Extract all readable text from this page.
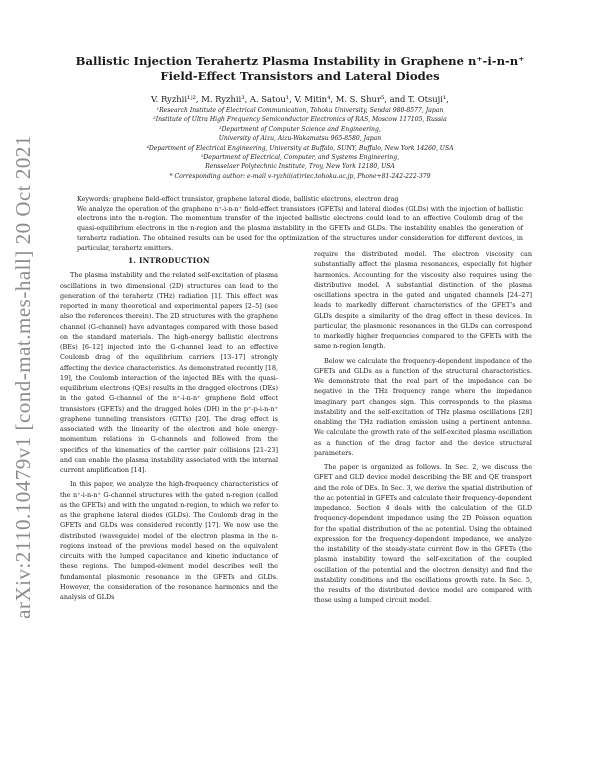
arXiv:2110.10479v1 [cond-mat.mes-hall] 20 Oct 2021
Ballistic Injection Terahertz Plasma Instability in Graphene n⁺-i-n-n⁺ Field-Effect Transistors and Lateral Diodes
V. Ryzhii¹ʲ², M. Ryzhii³, A. Satou¹, V. Mitin⁴, M. S. Shur⁵, and T. Otsuji¹,
¹Research Institute of Electrical Communication, Tohoku University, Sendai 980-8577, Japan
²Institute of Ultra High Frequency Semiconductor Electronics of RAS, Moscow 117105, Russia
³Department of Computer Science and Engineering,
University of Aizu, Aizu-Wakamatsu 965-8580, Japan
⁴Department of Electrical Engineering, University at Buffalo, SUNY, Buffalo, New York 14260, USA
⁵Department of Electrical, Computer, and Systems Engineering,
Rensselaer Polytechnic Institute, Troy, New York 12180, USA
* Corresponding author: e-mail v-ryzhii(at)riec.tohoku.ac.jp, Phone+81-242-222-379

Keywords: graphene field-effect transistor, graphene lateral diode, ballistic electrons, electron drag

We analyze the operation of the graphene n⁺-i-n-n⁺ field-effect transistors (GFETs) and lateral diodes (GLDs) with the injection of ballistic electrons into the n-region. The momentum transfer of the injected ballistic electrons could lead to an effective Coulomb drag of the quasi-equilibrium electrons in the n-region and the plasma instability in the GFETs and GLDs. The instability enables the generation of terahertz radiation. The obtained results can be used for the optimization of the structures under consideration for different devices, in particular, terahertz emitters.

1. INTRODUCTION

The plasma instability and the related self-excitation of plasma oscillations in two dimensional (2D) structures can lead to the generation of the terahertz (THz) radiation [1]. This effect was reported in many theoretical and experimental papers [2–5] (see also the references therein). The 2D structures with the graphene channel (G-channel) have advantages compared with those based on the standard materials. The high-energy ballistic electrons (BEs) [6–12] injected into the G-channel lead to an effective Coulomb drag of the equilibrium carriers [13–17] strongly affecting the device characteristics. As demonstrated recently [18, 19], the Coulomb interaction of the injected BEs with the quasi-equilibrium electrons (QEs) results in the dragged electrons (DEs) in the gated G-channel of the n⁺-i-n-n⁺ graphene field effect transistors (GFETs) and the dragged holes (DH) in the p⁺-p-i-n-n⁺ graphene tunneling transistors (GTTs) [20]. The drag effect is associated with the linearity of the electron and hole energy-momentum relations in G-channels and followed from the specifics of the kinematics of the carrier pair collisions [21–23] and can enable the plasma instability associated with the internal current amplification [14].

In this paper, we analyze the high-frequency characteristics of the n⁺-i-n-n⁺ G-channel structures with the gated n-region (called as the GFETs) and with the ungated n-region, to which we refer to as the graphene lateral diodes (GLDs). The Coulomb drag in the GFETs and GLDs was considered recently [17]. We now use the distributed (waveguide) model of the electron plasma in the n-regions instead of the previous model based on the equivalent circuits with the lumped capacitance and kinetic inductance of these regions. The lumped-element model describes well the fundamental plasmonic resonance in the GFETs and GLDs. However, the consideration of the resonance harmonics and the analysis of GLDs

require the distributed model. The electron viscosity can substantially affect the plasma resonances, especially fot higher harmonics. Accounting for the viscosity also requires using the distributive model. A substantial distinction of the plasma oscillations spectra in the gated and ungated channels [24–27] leads to markedly different characteristics of the GFET’s and GLDs despite a similarity of the drag effect in these devices. In particular, the plasmonic resonances in the GLDs can correspond to markedly higher frequencies compared to the GFETs with the same n-region length.

Below we calculate the frequency-dependent impedance of the GFETs and GLDs as a function of the structural characteristics. We demonstrate that the real part of the impedance can be negative in the THz frequency range where the impedance imaginary part changes sign. This corresponds to the plasma instability and the self-excitation of THz plasma oscillations [28] enabling the THz radiation emission using a pertinent antenna. We calculate the growth rate of the self-excited plasma oscillation as a function of the drag factor and the device structural parameters.

The paper is organized as follows. In Sec. 2, we discuss the GFET and GLD device model describing the BE and QE transport and the role of DEs. In Sec. 3, we derive the spatial distribution of the ac potential in GFETs and calculate their frequency-dependent impedance. Section 4 deals with the calculation of the GLD frequency-dependent impedance using the 2D Poisson equation for the spatial distribution of the ac potential. Using the obtained expression for the frequency-dependent impedance, we analyze the instability of the steady-state current flow in the GFETs (the plasma instability toward the self-excitation of the coupled oscillation of the potential and the electron density) and find the instability conditions and the oscillations growth rate. In Sec. 5, the results of the distributed device model are compared with those using a lumped circuit model.
